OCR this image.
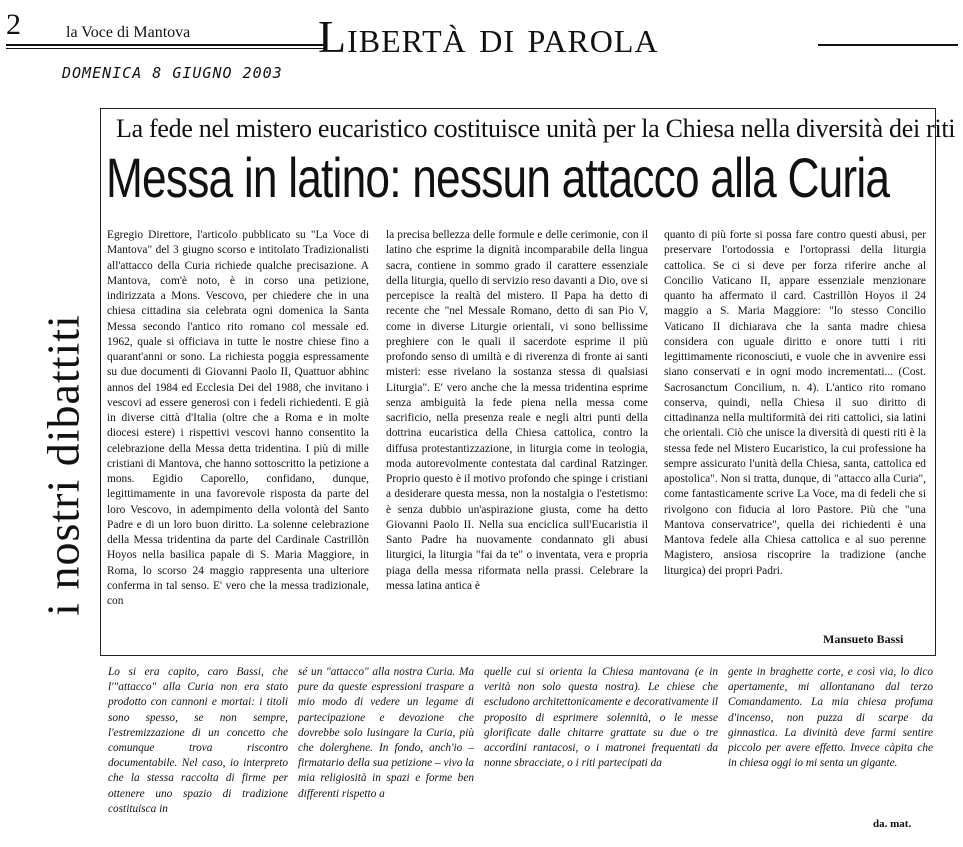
2	la Voce di Mantova	Libertà di parola
DOMENICA 8 GIUGNO 2003
i nostri dibattiti
La fede nel mistero eucaristico costituisce unità per la Chiesa nella diversità dei riti
Messa in latino: nessun attacco alla Curia

Egregio Direttore, l'articolo pubblicato su "La Voce di Mantova" del 3 giugno scorso e intitolato Tradizionalisti all'attacco della Curia richiede qualche precisazione. A Mantova, com'è noto, è in corso una petizione, indirizzata a Mons. Vescovo, per chiedere che in una chiesa cittadina sia celebrata ogni domenica la Santa Messa secondo l'antico rito romano col messale ed. 1962, quale si officiava in tutte le nostre chiese fino a quarant'anni or sono. La richiesta poggia espressamente su due documenti di Giovanni Paolo II, Quattuor abhinc annos del 1984 ed Ecclesia Dei del 1988, che invitano i vescovi ad essere generosi con i fedeli richiedenti. E già in diverse città d'Italia (oltre che a Roma e in molte diocesi estere) i rispettivi vescovi hanno consentito la celebrazione della Messa detta tridentina. I più di mille cristiani di Mantova, che hanno sottoscritto la petizione a mons. Egidio Caporello, confidano, dunque, legittimamente in una favorevole risposta da parte del loro Vescovo, in adempimento della volontà del Santo Padre e di un loro buon diritto. La solenne celebrazione della Messa tridentina da parte del Cardinale Castrillòn Hoyos nella basilica papale di S. Maria Maggiore, in Roma, lo scorso 24 maggio rappresenta una ulteriore conferma in tal senso. E' vero che la messa tradizionale, con

la precisa bellezza delle formule e delle cerimonie, con il latino che esprime la dignità incomparabile della lingua sacra, contiene in sommo grado il carattere essenziale della liturgia, quello di servizio reso davanti a Dio, ove si percepisce la realtà del mistero. Il Papa ha detto di recente che "nel Messale Romano, detto di san Pio V, come in diverse Liturgie orientali, vi sono bellissime preghiere con le quali il sacerdote esprime il più profondo senso di umiltà e di riverenza di fronte ai santi misteri: esse rivelano la sostanza stessa di qualsiasi Liturgia". E' vero anche che la messa tridentina esprime senza ambiguità la fede piena nella messa come sacrificio, nella presenza reale e negli altri punti della dottrina eucaristica della Chiesa cattolica, contro la diffusa protestantizzazione, in liturgia come in teologia, moda autorevolmente contestata dal cardinal Ratzinger. Proprio questo è il motivo profondo che spinge i cristiani a desiderare questa messa, non la nostalgia o l'estetismo: è senza dubbio un'aspirazione giusta, come ha detto Giovanni Paolo II. Nella sua enciclica sull'Eucaristia il Santo Padre ha nuovamente condannato gli abusi liturgici, la liturgia "fai da te" o inventata, vera e propria piaga della messa riformata nella prassi. Celebrare la messa latina antica è

quanto di più forte si possa fare contro questi abusi, per preservare l'ortodossia e l'ortoprassi della liturgia cattolica. Se ci si deve per forza riferire anche al Concilio Vaticano II, appare essenziale menzionare quanto ha affermato il card. Castrillòn Hoyos il 24 maggio a S. Maria Maggiore: "lo stesso Concilio Vaticano II dichiarava che la santa madre chiesa considera con uguale diritto e onore tutti i riti legittimamente riconosciuti, e vuole che in avvenire essi siano conservati e in ogni modo incrementati... (Cost. Sacrosanctum Concilium, n. 4). L'antico rito romano conserva, quindi, nella Chiesa il suo diritto di cittadinanza nella multiformità dei riti cattolici, sia latini che orientali. Ciò che unisce la diversità di questi riti è la stessa fede nel Mistero Eucaristico, la cui professione ha sempre assicurato l'unità della Chiesa, santa, cattolica ed apostolica". Non si tratta, dunque, di "attacco alla Curia", come fantasticamente scrive La Voce, ma di fedeli che si rivolgono con fiducia al loro Pastore. Più che "una Mantova conservatrice", quella dei richiedenti è una Mantova fedele alla Chiesa cattolica e al suo perenne Magistero, ansiosa riscoprire la tradizione (anche liturgica) dei propri Padri.

Mansueto Bassi
Lo si era capito, caro Bassi, che l'"attacco" alla Curia non era stato prodotto con cannoni e mortai: i titoli sono spesso, se non sempre, l'estremizzazione di un concetto che comunque trova riscontro documentabile. Nel caso, io interpreto che la stessa raccolta di firme per ottenere uno spazio di tradizione costituisca in
sé un "attacco" alla nostra Curia. Ma pure da queste espressioni traspare a mio modo di vedere un legame di partecipazione e devozione che dovrebbe solo lusingare la Curia, più che dolerghene. In fondo, anch'io – firmatario della sua petizione – vivo la mia religiosità in spazi e forme ben differenti rispetto a
quelle cui si orienta la Chiesa mantovana (e in verità non solo questa nostra). Le chiese che escludono architettonicamente e decorativamente il proposito di esprimere solennità, o le messe glorificate dalle chitarre grattate su due o tre accordini rantacosi, o i matronei frequentati da nonne sbracciate, o i riti partecipati da
gente in braghette corte, e così via, lo dico apertamente, mi allontanano dal terzo Comandamento. La mia chiesa profuma d'incenso, non puzza di scarpe da ginnastica. La divinità deve farmi sentire piccolo per avere effetto. Invece càpita che in chiesa oggi io mi senta un gigante.
da. mat.
